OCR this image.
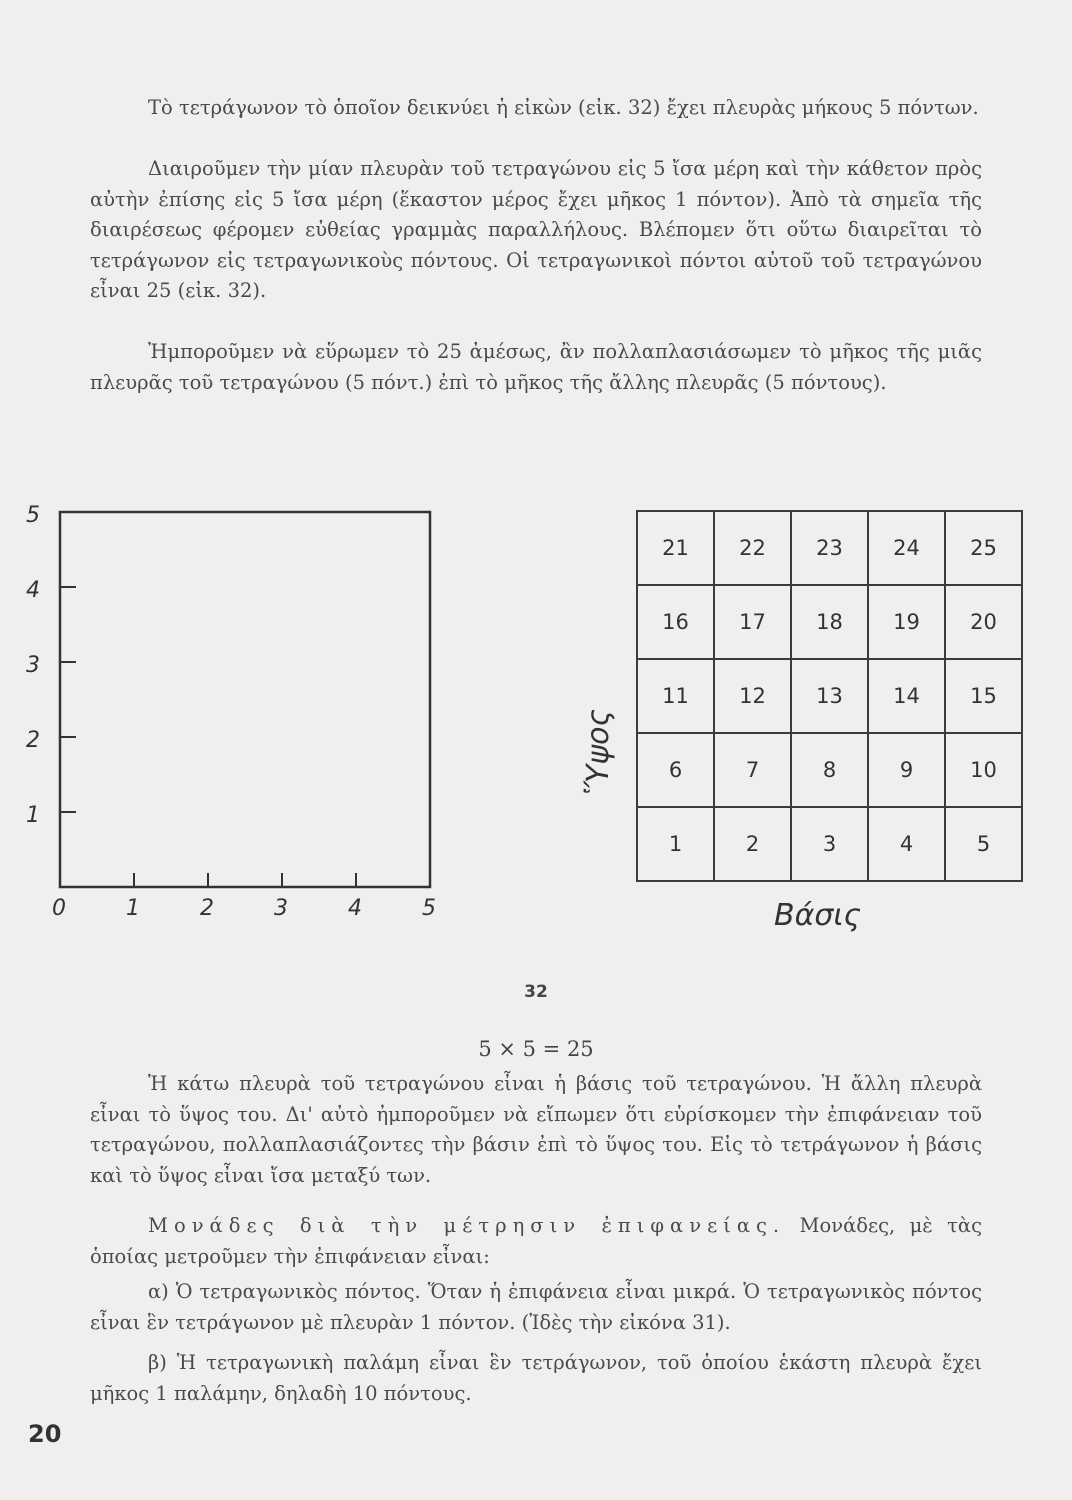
Τὸ τετράγωνον τὸ ὁποῖον δεικνύει ἡ εἰκὼν (εἰκ. 32) ἔχει πλευρὰς μήκους 5 πόντων.

Διαιροῦμεν τὴν μίαν πλευρὰν τοῦ τετραγώνου εἰς 5 ἴσα μέρη καὶ τὴν κάθετον πρὸς αὐτὴν ἐπίσης εἰς 5 ἴσα μέρη (ἕκαστον μέρος ἔχει μῆκος 1 πόντον). Ἀπὸ τὰ σημεῖα τῆς διαιρέσεως φέρομεν εὐθείας γραμμὰς παραλλήλους. Βλέπομεν ὅτι οὕτω διαιρεῖται τὸ τετράγωνον εἰς τετραγωνικοὺς πόντους. Οἱ τετραγωνικοὶ πόντοι αὐτοῦ τοῦ τετραγώνου εἶναι 25 (εἰκ. 32).

Ἠμποροῦμεν νὰ εὕρωμεν τὸ 25 ἀμέσως, ἂν πολλαπλασιάσωμεν τὸ μῆκος τῆς μιᾶς πλευρᾶς τοῦ τετραγώνου (5 πόντ.) ἐπὶ τὸ μῆκος τῆς ἄλλης πλευρᾶς (5 πόντους).

5
4
3
2
1
0	1	2	3	4	5
21	22	23	24	25
16	17	18	19	20
11	12	13	14	15
6	7	8	9	10
1	2	3	4	5
Ὕψος
Βάσις
32
5 × 5 = 25

Ἡ κάτω πλευρὰ τοῦ τετραγώνου εἶναι ἡ βάσις τοῦ τετραγώνου. Ἡ ἄλλη πλευρὰ εἶναι τὸ ὕψος του. Δι' αὐτὸ ἠμποροῦμεν νὰ εἴπωμεν ὅτι εὑρίσκομεν τὴν ἐπιφάνειαν τοῦ τετραγώνου, πολλαπλασιάζοντες τὴν βάσιν ἐπὶ τὸ ὕψος του. Εἰς τὸ τετράγωνον ἡ βάσις καὶ τὸ ὕψος εἶναι ἴσα μεταξύ των.

Μονάδες διὰ τὴν μέτρησιν ἐπιφανείας. Μονάδες, μὲ τὰς ὁποίας μετροῦμεν τὴν ἐπιφάνειαν εἶναι:

α) Ὁ τετραγωνικὸς πόντος. Ὅταν ἡ ἐπιφάνεια εἶναι μικρά. Ὁ τετραγωνικὸς πόντος εἶναι ἓν τετράγωνον μὲ πλευρὰν 1 πόντον. (Ἰδὲς τὴν εἰκόνα 31).

β) Ἡ τετραγωνικὴ παλάμη εἶναι ἓν τετράγωνον, τοῦ ὁποίου ἑκάστη πλευρὰ ἔχει μῆκος 1 παλάμην, δηλαδὴ 10 πόντους.

20
